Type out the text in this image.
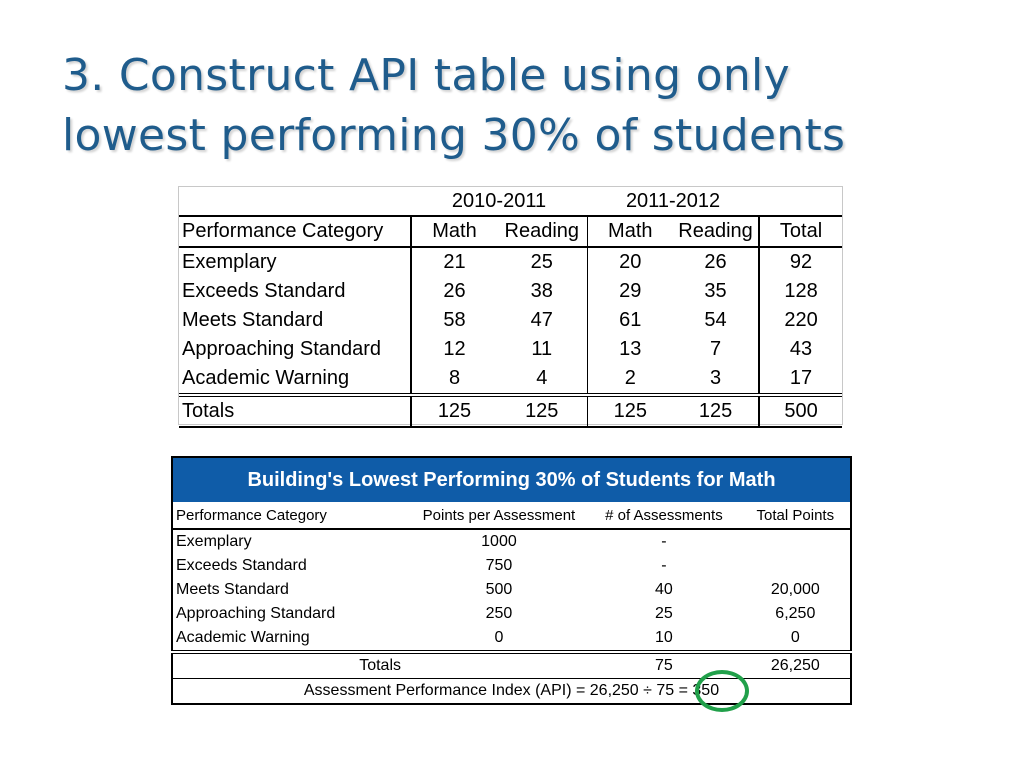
3. Construct API table using only
lowest performing 30% of students
	2010-2011		2011-2012		
Performance Category	Math	Reading	Math	Reading	Total
Exemplary	21	25	20	26	92
Exceeds Standard	26	38	29	35	128
Meets Standard	58	47	61	54	220
Approaching Standard	12	11	13	7	43
Academic Warning	8	4	2	3	17
Totals	125	125	125	125	500
Building's Lowest Performing 30% of Students for Math			
Performance Category	Points per Assessment	# of Assessments	Total Points
Exemplary	1000	-	
Exceeds Standard	750	-	
Meets Standard	500	40	20,000
Approaching Standard	250	25	6,250
Academic Warning	0	10	0
Totals		75	26,250
Assessment Performance Index (API) = 26,250 ÷ 75 = 350			
